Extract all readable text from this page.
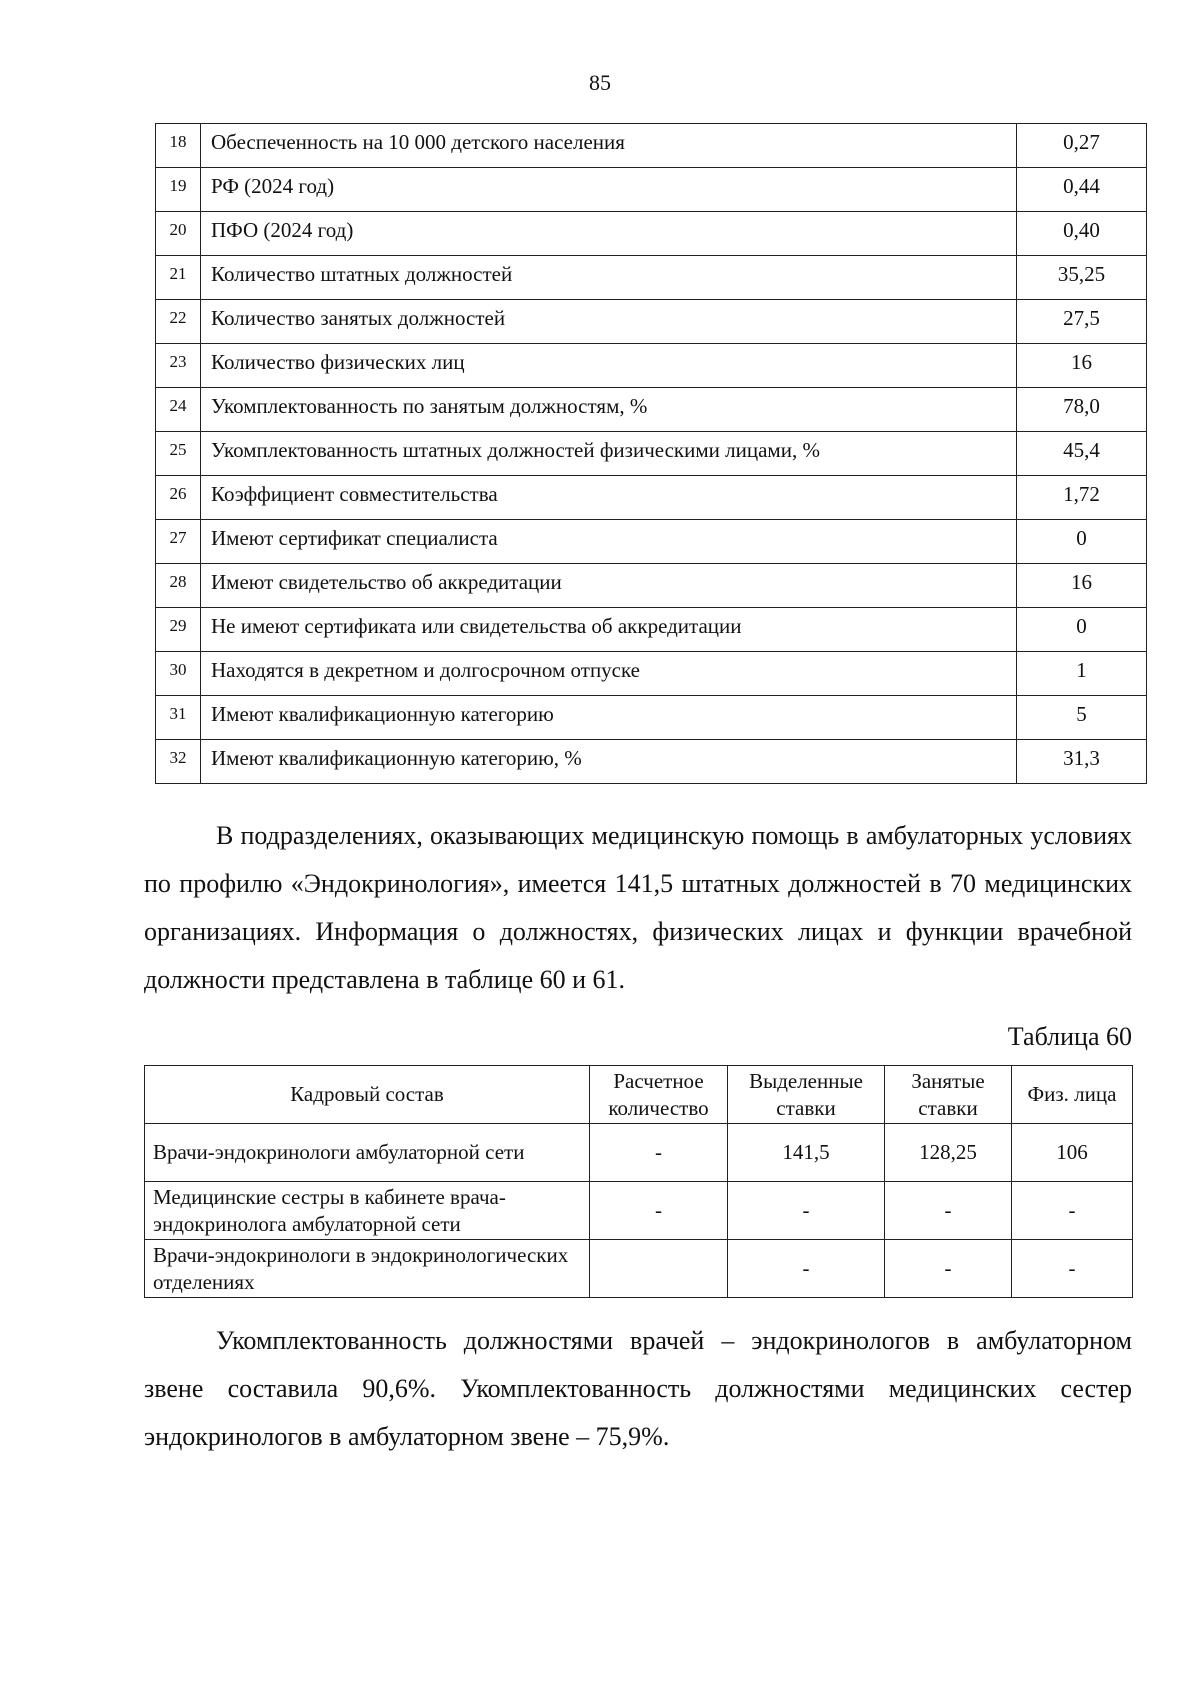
85
18	Обеспеченность на 10 000 детского населения	0,27
19	РФ (2024 год)	0,44
20	ПФО (2024 год)	0,40
21	Количество штатных должностей	35,25
22	Количество занятых должностей	27,5
23	Количество физических лиц	16
24	Укомплектованность по занятым должностям, %	78,0
25	Укомплектованность штатных должностей физическими лицами, %	45,4
26	Коэффициент совместительства	1,72
27	Имеют сертификат специалиста	0
28	Имеют свидетельство об аккредитации	16
29	Не имеют сертификата или свидетельства об аккредитации	0
30	Находятся в декретном и долгосрочном отпуске	1
31	Имеют квалификационную категорию	5
32	Имеют квалификационную категорию, %	31,3
В подразделениях, оказывающих медицинскую помощь в амбулаторных условиях по профилю «Эндокринология», имеется 141,5 штатных должностей в 70 медицинских организациях. Информация о должностях, физических лицах и функции врачебной должности представлена в таблице 60 и 61.
Таблица 60
Кадровый состав	Расчетное количество	Выделенные ставки	Занятые ставки	Физ. лица
Врачи-эндокринологи амбулаторной сети	-	141,5	128,25	106
Медицинские сестры в кабинете врача-эндокринолога амбулаторной сети	-	-	-	-
Врачи-эндокринологи в эндокринологических отделениях		-	-	-
Укомплектованность должностями врачей – эндокринологов в амбулаторном звене составила 90,6%. Укомплектованность должностями медицинских сестер эндокринологов в амбулаторном звене – 75,9%.
